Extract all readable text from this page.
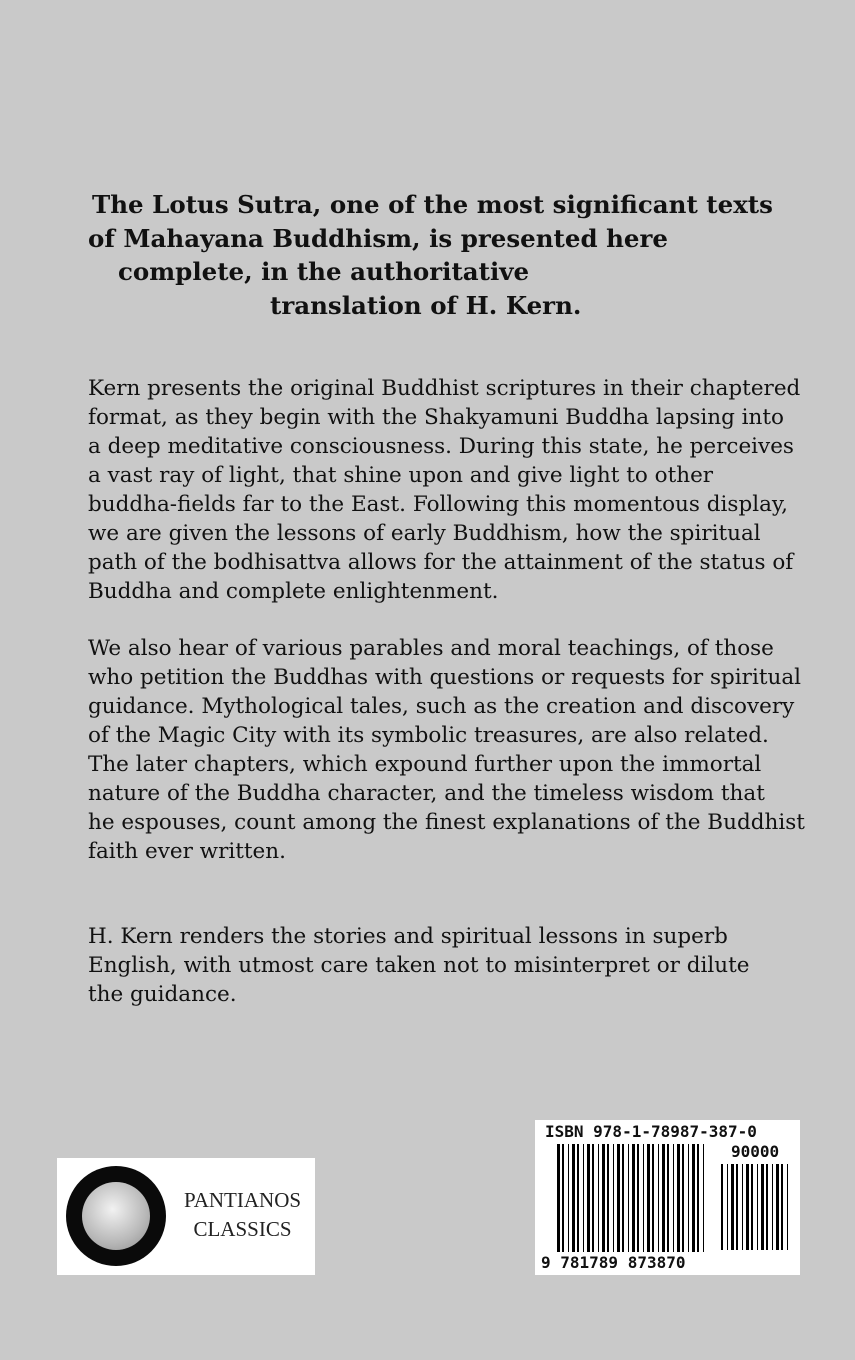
The Lotus Sutra, one of the most significant texts
of Mahayana Buddhism, is presented here
complete, in the authoritative
translation of H. Kern.
Kern presents the original Buddhist scriptures in their chaptered
format, as they begin with the Shakyamuni Buddha lapsing into
a deep meditative consciousness. During this state, he perceives
a vast ray of light, that shine upon and give light to other
buddha-fields far to the East. Following this momentous display,
we are given the lessons of early Buddhism, how the spiritual
path of the bodhisattva allows for the attainment of the status of
Buddha and complete enlightenment.
We also hear of various parables and moral teachings, of those
who petition the Buddhas with questions or requests for spiritual
guidance. Mythological tales, such as the creation and discovery
of the Magic City with its symbolic treasures, are also related.
The later chapters, which expound further upon the immortal
nature of the Buddha character, and the timeless wisdom that
he espouses, count among the finest explanations of the Buddhist
faith ever written.
H. Kern renders the stories and spiritual lessons in superb
English, with utmost care taken not to misinterpret or dilute
the guidance.
PANTIANOS
CLASSICS
ISBN 978-1-78987-387-0
90000
9 781789 873870
